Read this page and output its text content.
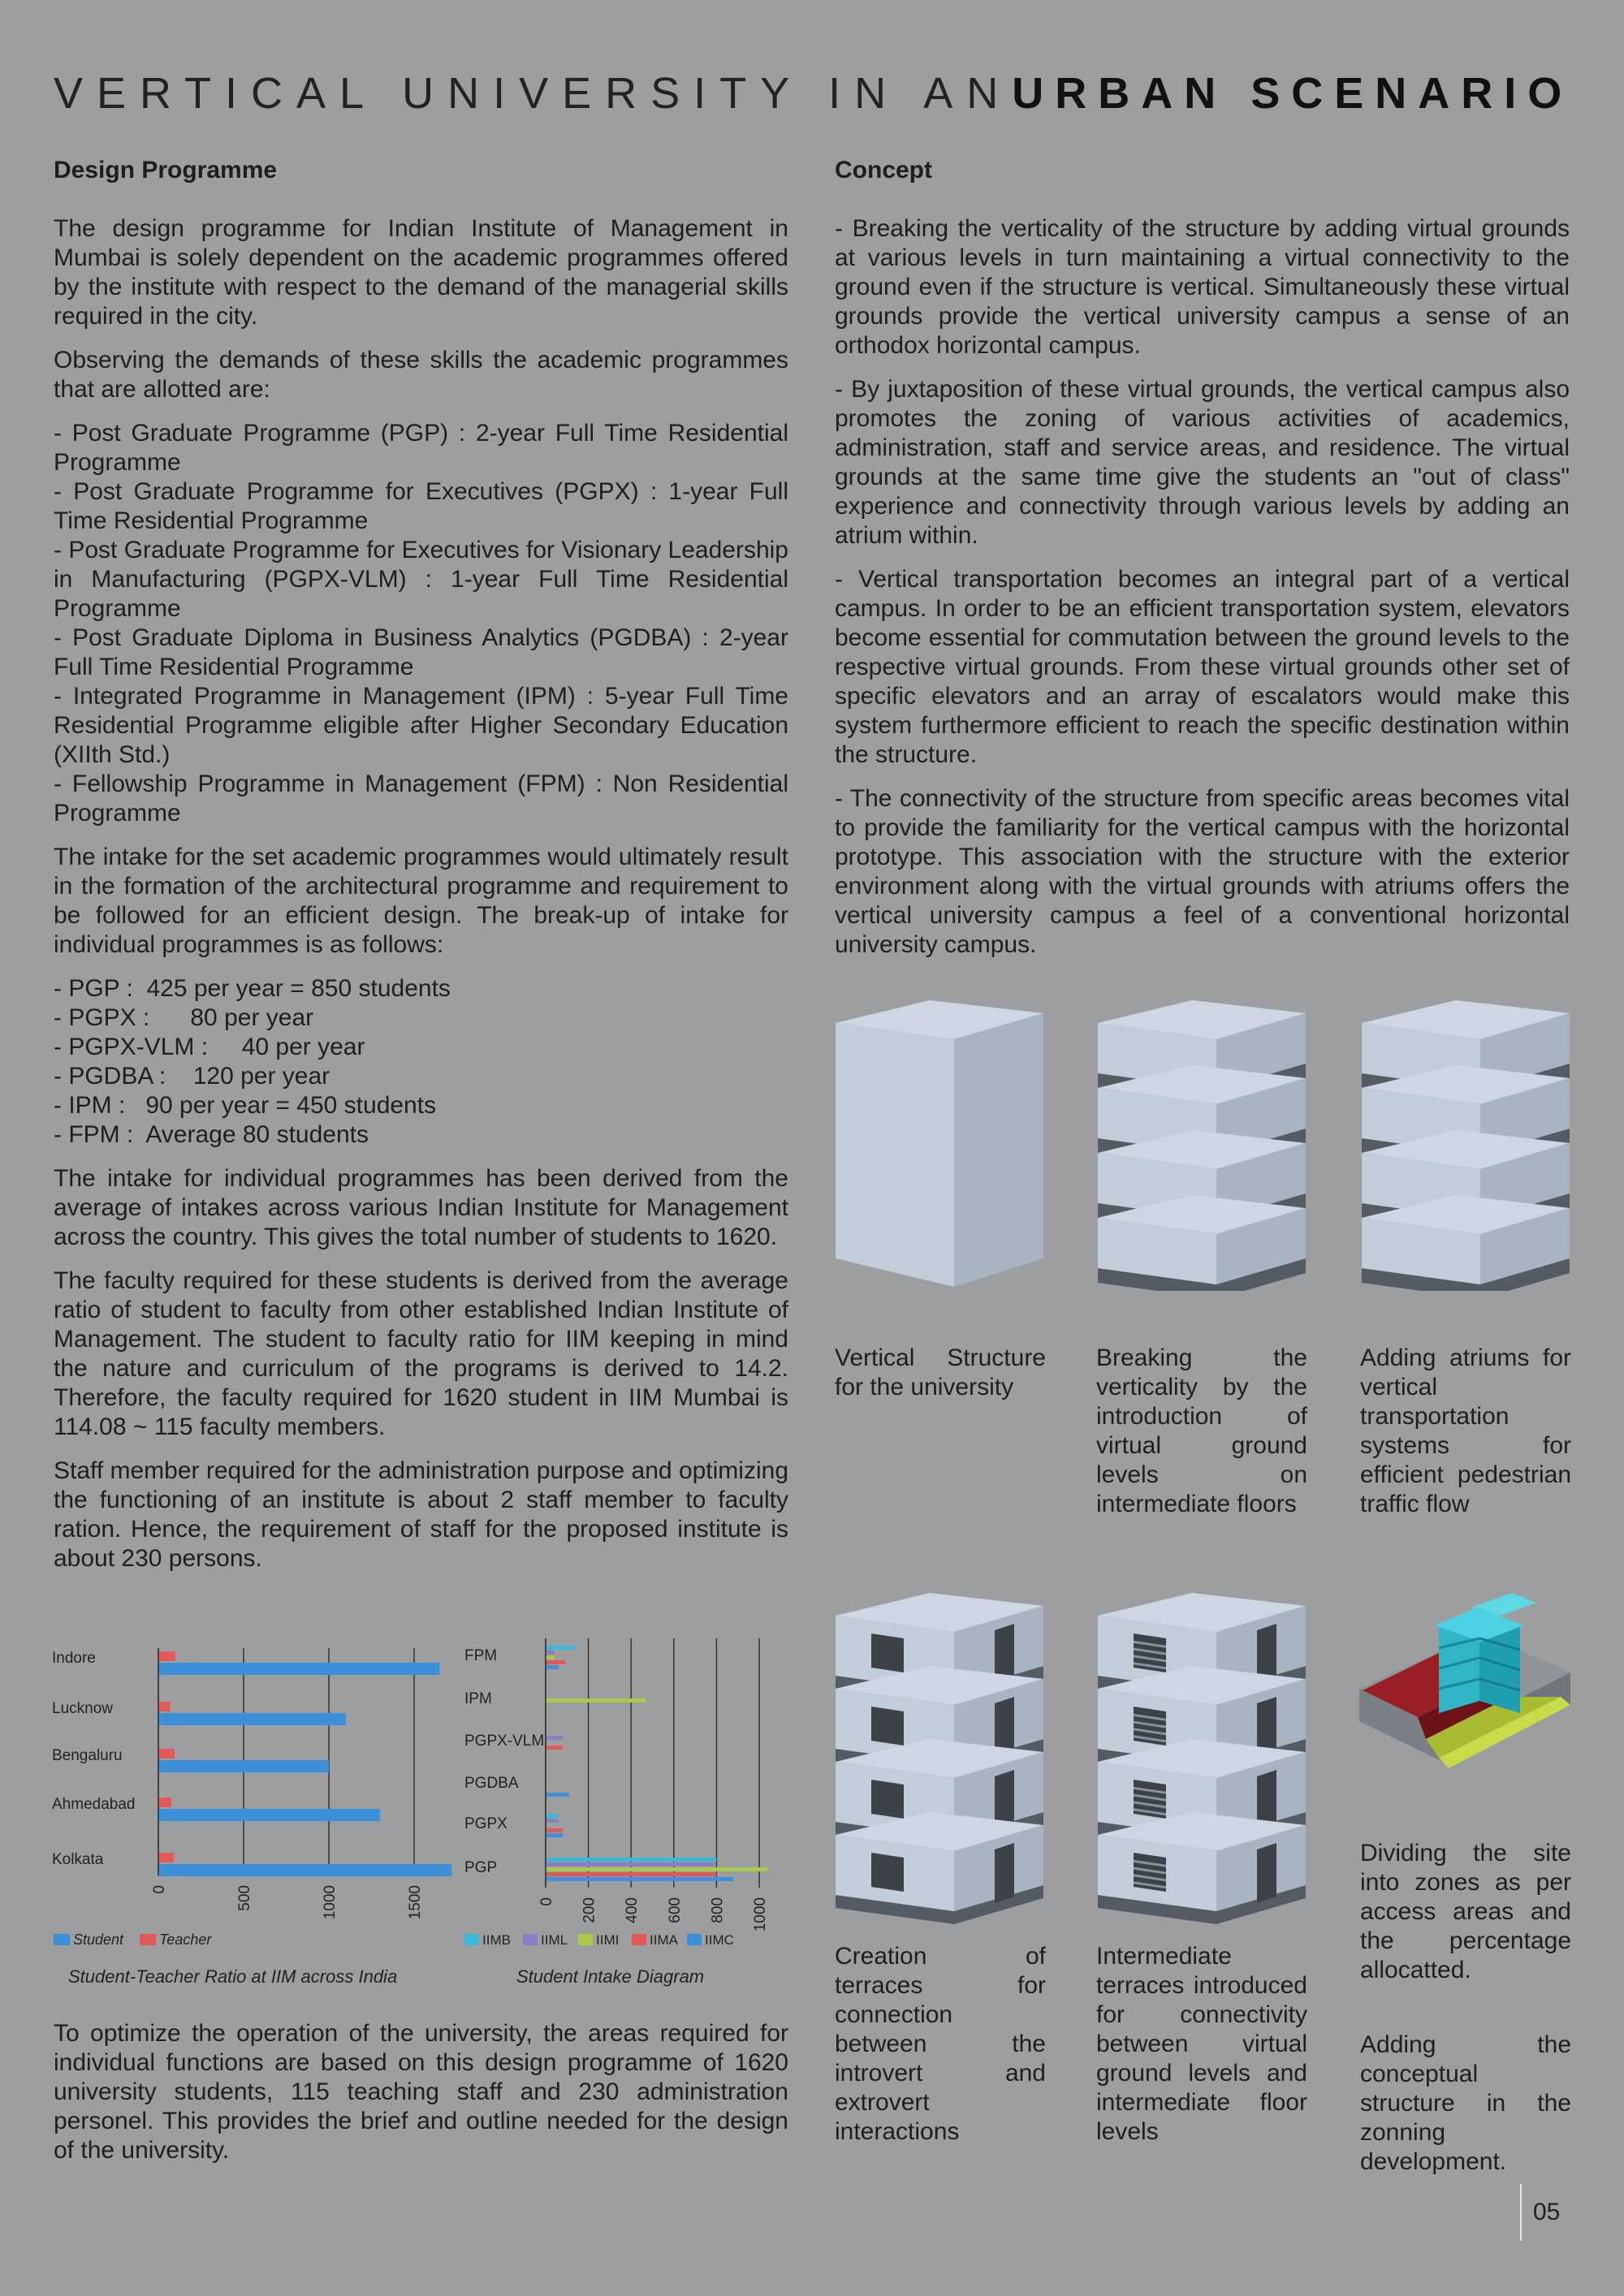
VERTICAL UNIVERSITY IN AN URBAN SCENARIO
Design Programme

The design programme for Indian Institute of Management in Mumbai is solely dependent on the academic programmes offered by the institute with respect to the demand of the managerial skills required in the city.

Observing the demands of these skills the academic programmes that are allotted are:

- Post Graduate Programme (PGP) : 2-year Full Time Residential Programme
- Post Graduate Programme for Executives (PGPX) : 1-year Full Time Residential Programme
- Post Graduate Programme for Executives for Visionary Leadership in Manufacturing (PGPX-VLM) : 1-year Full Time Residential Programme
- Post Graduate Diploma in Business Analytics (PGDBA) : 2-year Full Time Residential Programme
- Integrated Programme in Management (IPM) : 5-year Full Time Residential Programme eligible after Higher Secondary Education (XIIth Std.)
- Fellowship Programme in Management (FPM) : Non Residential Programme

The intake for the set academic programmes would ultimately result in the formation of the architectural programme and requirement to be followed for an efficient design. The break-up of intake for individual programmes is as follows:

- PGP :  425 per year = 850 students
- PGPX :      80 per year
- PGPX-VLM :     40 per year
- PGDBA :    120 per year
- IPM :   90 per year = 450 students
- FPM :  Average 80 students

The intake for individual programmes has been derived from the average of intakes across various Indian Institute for Management across the country. This gives the total number of students to 1620.

The faculty required for these students is derived from the average ratio of student to faculty from other established Indian Institute of Management. The student to faculty ratio for IIM keeping in mind the nature and curriculum of the programs is derived to 14.2. Therefore, the faculty required for 1620 student in IIM Mumbai is 114.08 ~ 115 faculty members.

Staff member required for the administration purpose and optimizing the functioning of an institute is about 2 staff member to faculty ration. Hence, the requirement of staff for the proposed institute is about 230 persons.

0	500	1000	1500
Indore
Lucknow
Bengaluru
Ahmedabad
Kolkata
Student Teacher
Student-Teacher Ratio at IIM across India
0 200 400 600 800 1000
FPM
IPM
PGPX-VLM
PGDBA
PGPX
PGP
IIMB IIML IIMI IIMA IIMC
Student Intake Diagram

To optimize the operation of the university, the areas required for individual functions are based on this design programme of 1620 university students, 115 teaching staff and 230 administration personel. This provides the brief and outline needed for the design of the university.

Concept

- Breaking the verticality of the structure by adding virtual grounds at various levels in turn maintaining a virtual connectivity to the ground even if the structure is vertical. Simultaneously these virtual grounds provide the vertical university campus a sense of an orthodox horizontal campus.

- By juxtaposition of these virtual grounds, the vertical campus also promotes the zoning of various activities of academics, administration, staff and service areas, and residence. The virtual grounds at the same time give the students an "out of class" experience and connectivity through various levels by adding an atrium within.

- Vertical transportation becomes an integral part of a vertical campus. In order to be an efficient transportation system, elevators become essential for commutation between the ground levels to the respective virtual grounds. From these virtual grounds other set of specific elevators and an array of escalators would make this system furthermore efficient to reach the specific destination within the structure.

- The connectivity of the structure from specific areas becomes vital to provide the familiarity for the vertical campus with the horizontal prototype. This association with the structure with the exterior environment along with the virtual grounds with atriums offers the vertical university campus a feel of a conventional horizontal university campus.

Vertical Structure for the university
Breaking the verticality by the introduction of virtual ground levels on intermediate floors
Adding atriums for vertical transportation systems for efficient pedestrian traffic flow
Creation of terraces for connection between the introvert and extrovert interactions
Intermediate terraces introduced for connectivity between virtual ground levels and intermediate floor levels
Dividing the site into zones as per access areas and the percentage allocatted.
Adding the conceptual structure in the zonning development.
05
